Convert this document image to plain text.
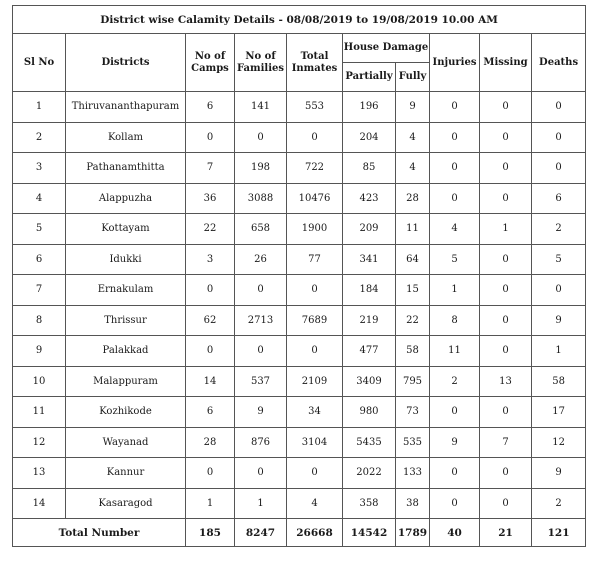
District wise Calamity Details - 08/08/2019 to 19/08/2019 10.00 AM									
Sl No	Districts	No of Camps	No of Families	Total Inmates	House Damage		Injuries	Missing	Deaths
					Partially	Fully			
1	Thiruvananthapuram	6	141	553	196	9	0	0	0
2	Kollam	0	0	0	204	4	0	0	0
3	Pathanamthitta	7	198	722	85	4	0	0	0
4	Alappuzha	36	3088	10476	423	28	0	0	6
5	Kottayam	22	658	1900	209	11	4	1	2
6	Idukki	3	26	77	341	64	5	0	5
7	Ernakulam	0	0	0	184	15	1	0	0
8	Thrissur	62	2713	7689	219	22	8	0	9
9	Palakkad	0	0	0	477	58	11	0	1
10	Malappuram	14	537	2109	3409	795	2	13	58
11	Kozhikode	6	9	34	980	73	0	0	17
12	Wayanad	28	876	3104	5435	535	9	7	12
13	Kannur	0	0	0	2022	133	0	0	9
14	Kasaragod	1	1	4	358	38	0	0	2
Total Number		185	8247	26668	14542	1789	40	21	121
